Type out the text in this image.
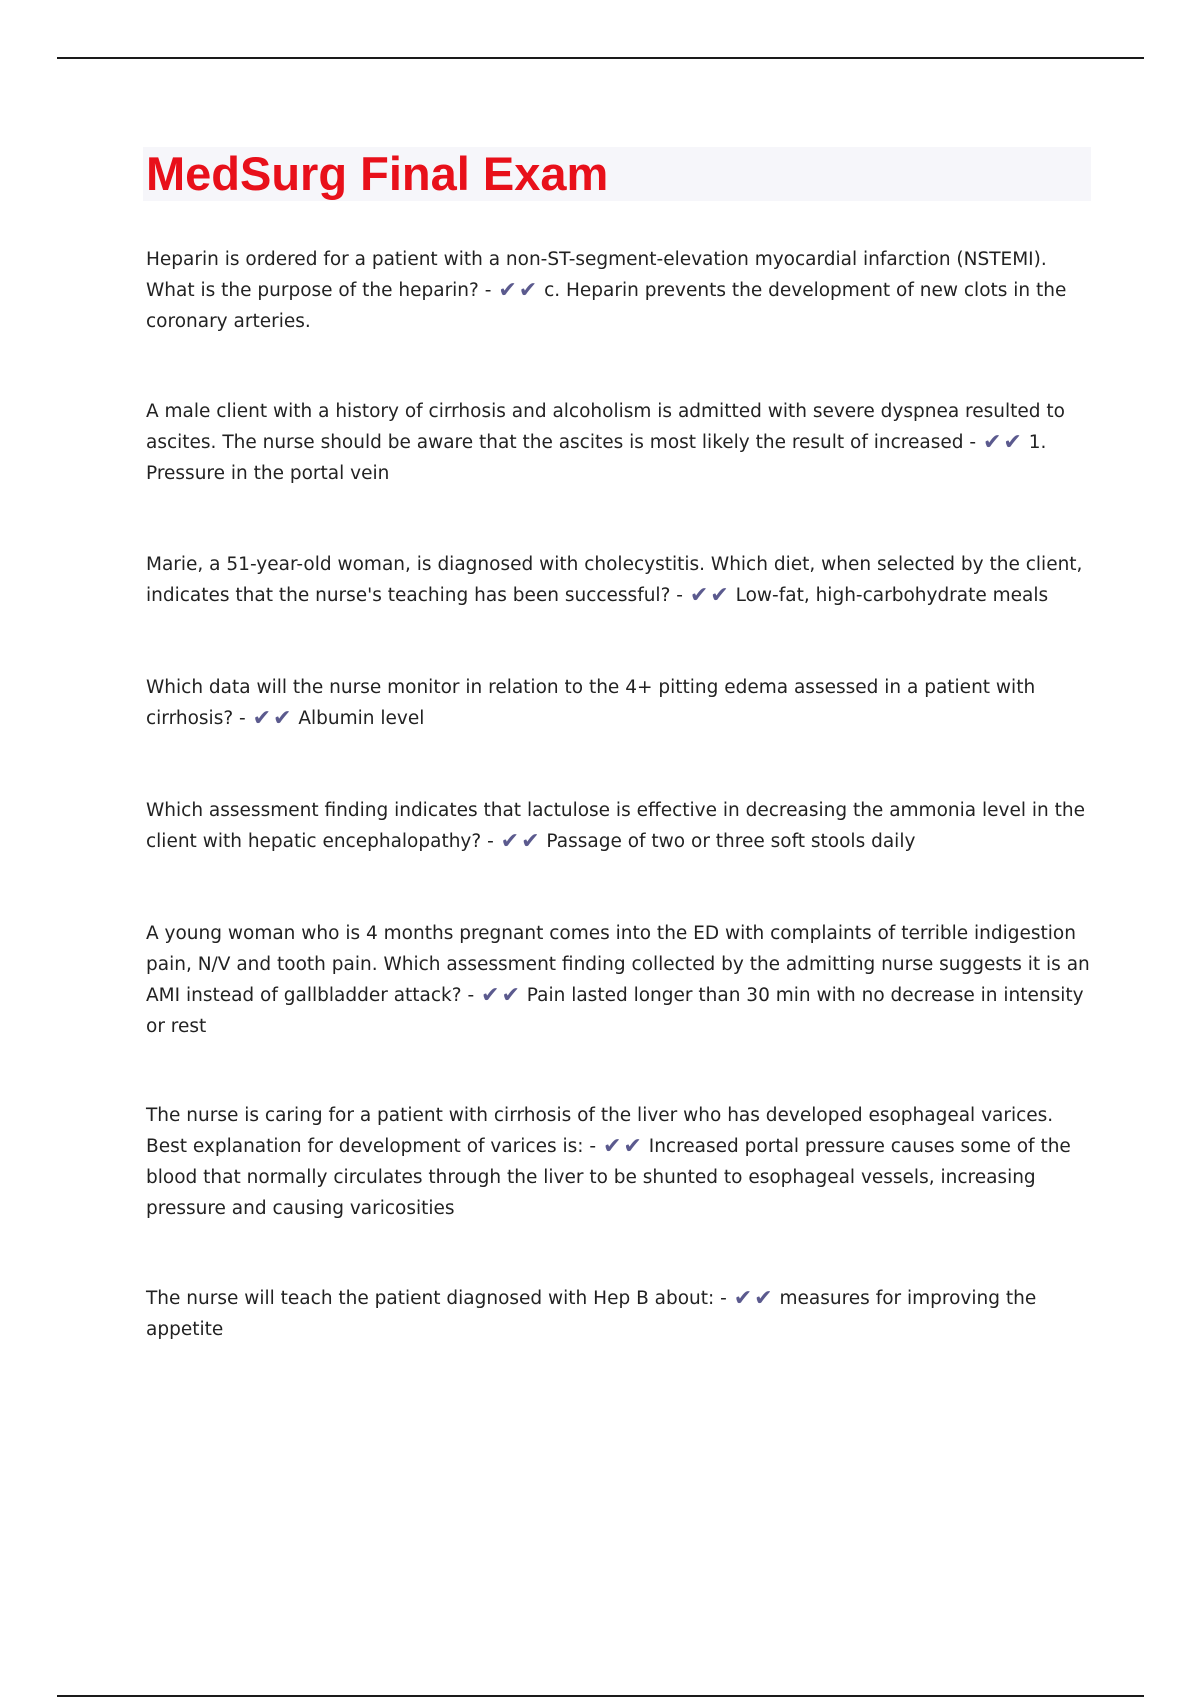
MedSurg Final Exam

Heparin is ordered for a patient with a non-ST-segment-elevation myocardial infarction (NSTEMI). What is the purpose of the heparin? - ✔✔ c. Heparin prevents the development of new clots in the coronary arteries.

A male client with a history of cirrhosis and alcoholism is admitted with severe dyspnea resulted to ascites. The nurse should be aware that the ascites is most likely the result of increased - ✔✔ 1. Pressure in the portal vein

Marie, a 51-year-old woman, is diagnosed with cholecystitis. Which diet, when selected by the client, indicates that the nurse's teaching has been successful? - ✔✔ Low-fat, high-carbohydrate meals

Which data will the nurse monitor in relation to the 4+ pitting edema assessed in a patient with cirrhosis? - ✔✔ Albumin level

Which assessment finding indicates that lactulose is effective in decreasing the ammonia level in the client with hepatic encephalopathy? - ✔✔ Passage of two or three soft stools daily

A young woman who is 4 months pregnant comes into the ED with complaints of terrible indigestion pain, N/V and tooth pain. Which assessment finding collected by the admitting nurse suggests it is an AMI instead of gallbladder attack? - ✔✔ Pain lasted longer than 30 min with no decrease in intensity or rest

The nurse is caring for a patient with cirrhosis of the liver who has developed esophageal varices. Best explanation for development of varices is: - ✔✔ Increased portal pressure causes some of the blood that normally circulates through the liver to be shunted to esophageal vessels, increasing pressure and causing varicosities

The nurse will teach the patient diagnosed with Hep B about: - ✔✔ measures for improving the appetite
